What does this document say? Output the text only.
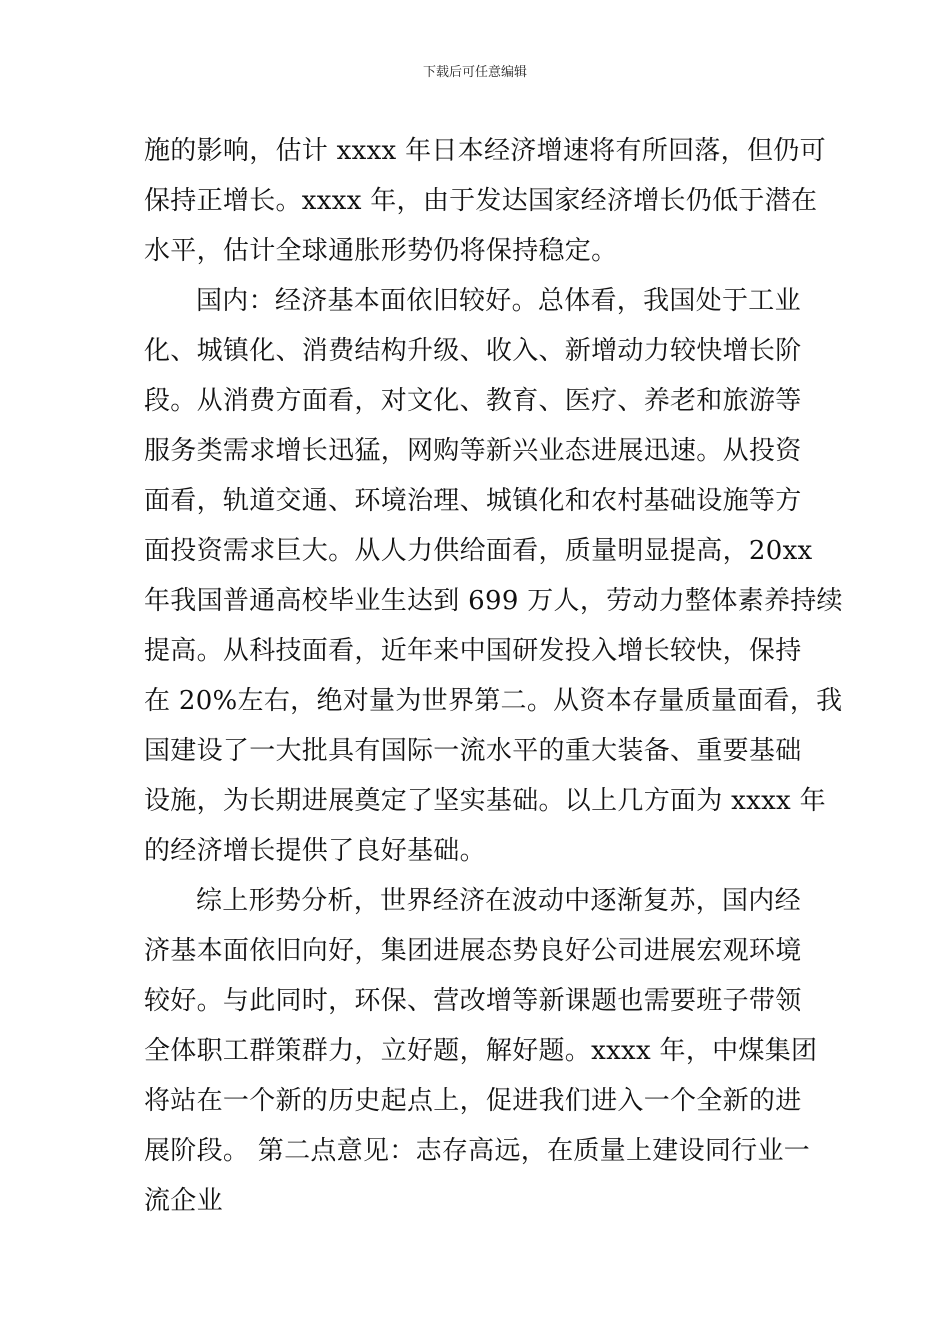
下载后可任意编辑
施的影响，估计 xxxx 年日本经济增速将有所回落，但仍可
保持正增长。xxxx 年，由于发达国家经济增长仍低于潜在
水平，估计全球通胀形势仍将保持稳定。
国内：经济基本面依旧较好。总体看，我国处于工业
化、城镇化、消费结构升级、收入、新增动力较快增长阶
段。从消费方面看，对文化、教育、医疗、养老和旅游等
服务类需求增长迅猛，网购等新兴业态进展迅速。从投资
面看，轨道交通、环境治理、城镇化和农村基础设施等方
面投资需求巨大。从人力供给面看，质量明显提高，20xx
年我国普通高校毕业生达到 699 万人，劳动力整体素养持续
提高。从科技面看，近年来中国研发投入增长较快，保持
在 20%左右，绝对量为世界第二。从资本存量质量面看，我
国建设了一大批具有国际一流水平的重大装备、重要基础
设施，为长期进展奠定了坚实基础。以上几方面为 xxxx 年
的经济增长提供了良好基础。
综上形势分析，世界经济在波动中逐渐复苏，国内经
济基本面依旧向好，集团进展态势良好公司进展宏观环境
较好。与此同时，环保、营改增等新课题也需要班子带领
全体职工群策群力，立好题，解好题。xxxx 年，中煤集团
将站在一个新的历史起点上，促进我们进入一个全新的进
展阶段。 第二点意见：志存高远，在质量上建设同行业一
流企业
